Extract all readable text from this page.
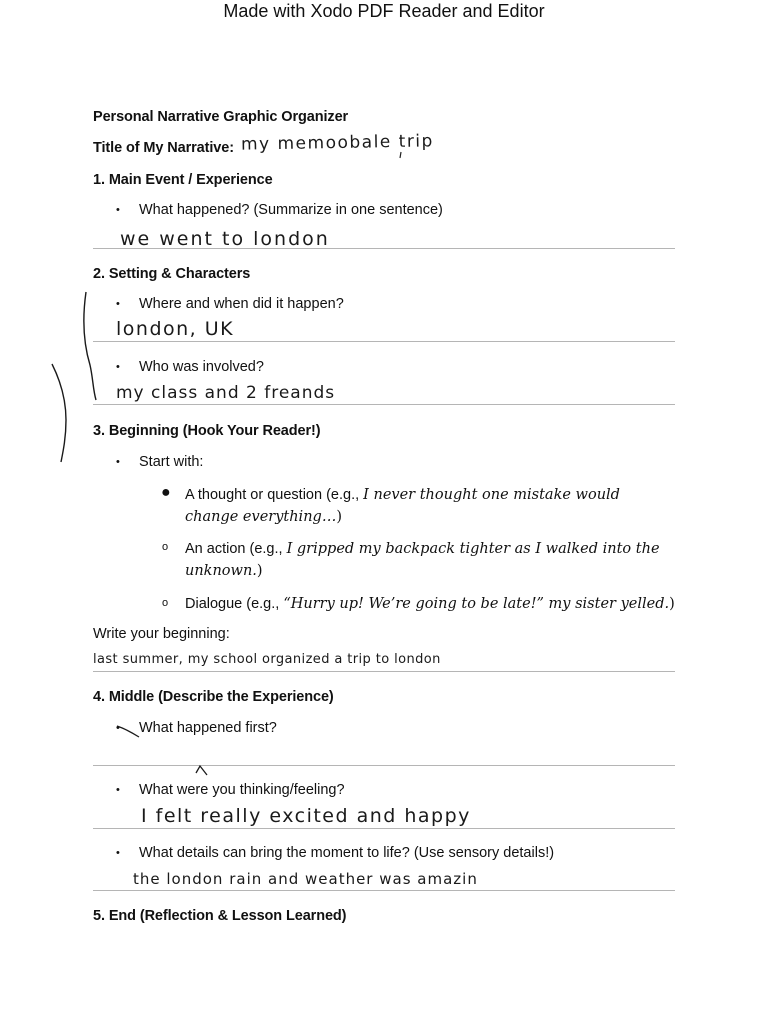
Made with Xodo PDF Reader and Editor
Personal Narrative Graphic Organizer
Title of My Narrative: my memoobale trip
1. Main Event / Experience
• What happened? (Summarize in one sentence)
we went to london
2. Setting & Characters
• Where and when did it happen?
london, UK
• Who was involved?
my class and 2 freands
3. Beginning (Hook Your Reader!)
• Start with:
● A thought or question (e.g., I never thought one mistake would change everything…)
o An action (e.g., I gripped my backpack tighter as I walked into the unknown.)
o Dialogue (e.g., “Hurry up! We’re going to be late!” my sister yelled.)
Write your beginning:
last summer, my school organized a trip to london
4. Middle (Describe the Experience)
• What happened first?
• What were you thinking/feeling?
I felt really excited and happy
• What details can bring the moment to life? (Use sensory details!)
the london rain and weather was amazin
5. End (Reflection & Lesson Learned)
